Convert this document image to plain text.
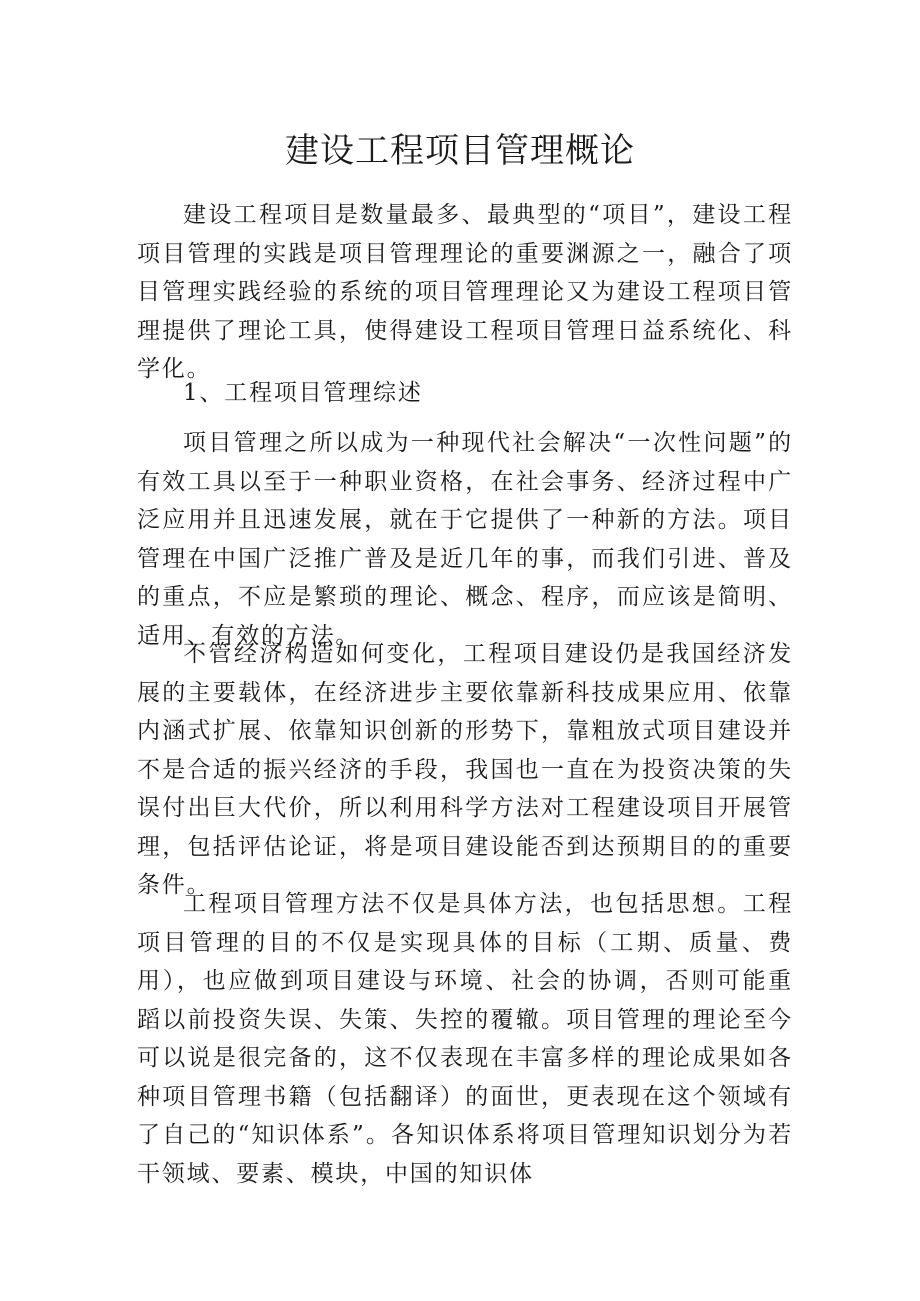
建设工程项目管理概论

建设工程项目是数量最多、最典型的“项目”，建设工程项目管理的实践是项目管理理论的重要渊源之一，融合了项目管理实践经验的系统的项目管理理论又为建设工程项目管理提供了理论工具，使得建设工程项目管理日益系统化、科学化。

1、工程项目管理综述

项目管理之所以成为一种现代社会解决“一次性问题”的有效工具以至于一种职业资格，在社会事务、经济过程中广泛应用并且迅速发展，就在于它提供了一种新的方法。项目管理在中国广泛推广普及是近几年的事，而我们引进、普及的重点，不应是繁琐的理论、概念、程序，而应该是简明、适用、有效的方法。

不管经济构造如何变化，工程项目建设仍是我国经济发展的主要载体，在经济进步主要依靠新科技成果应用、依靠内涵式扩展、依靠知识创新的形势下，靠粗放式项目建设并不是合适的振兴经济的手段，我国也一直在为投资决策的失误付出巨大代价，所以利用科学方法对工程建设项目开展管理，包括评估论证，将是项目建设能否到达预期目的的重要条件。

工程项目管理方法不仅是具体方法，也包括思想。工程项目管理的目的不仅是实现具体的目标（工期、质量、费用），也应做到项目建设与环境、社会的协调，否则可能重蹈以前投资失误、失策、失控的覆辙。项目管理的理论至今可以说是很完备的，这不仅表现在丰富多样的理论成果如各种项目管理书籍（包括翻译）的面世，更表现在这个领域有了自己的“知识体系”。各知识体系将项目管理知识划分为若干领域、要素、模块，中国的知识体
